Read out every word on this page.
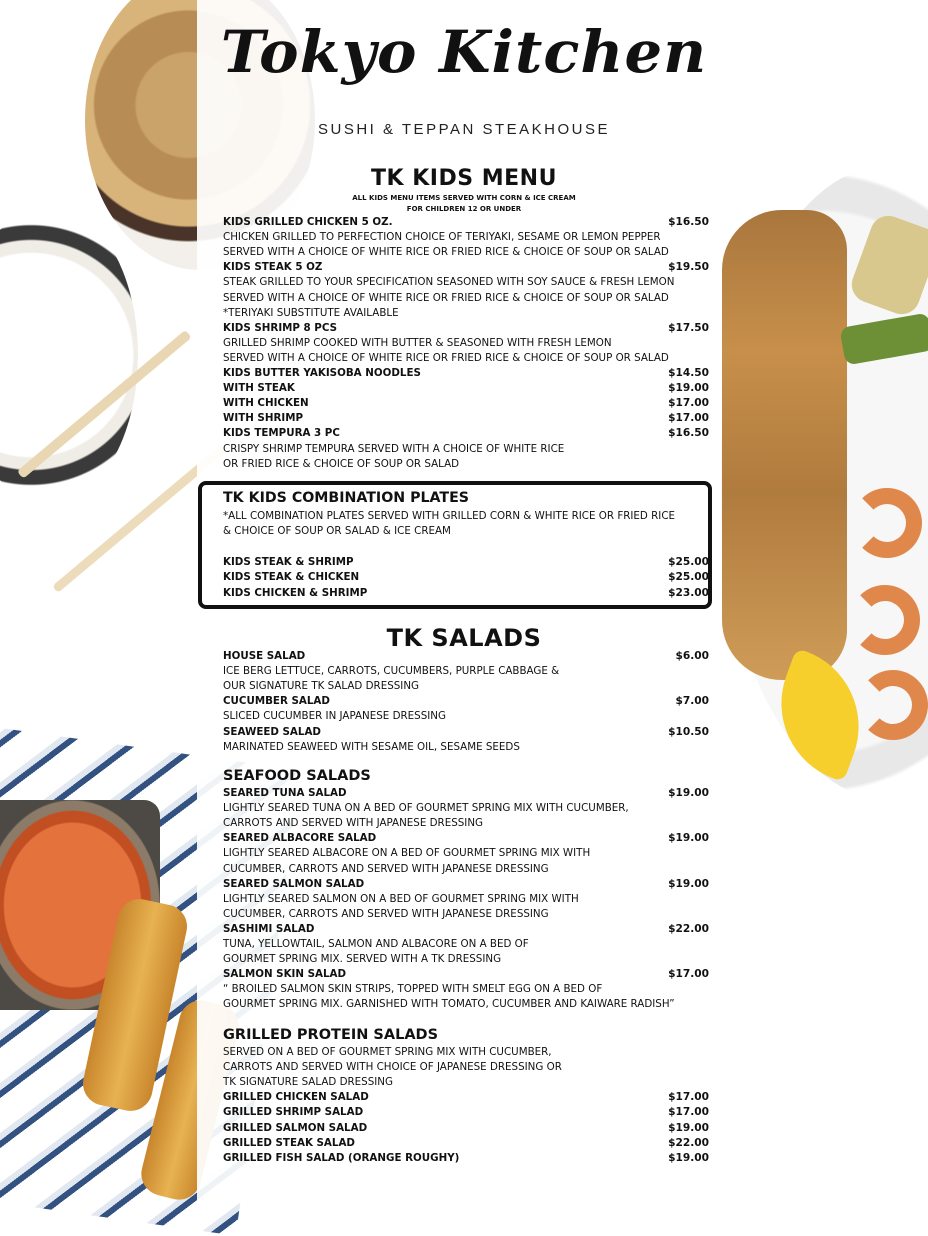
Tokyo Kitchen
SUSHI & TEPPAN STEAKHOUSE
TK KIDS MENU
ALL KIDS MENU ITEMS SERVED WITH CORN & ICE CREAM
FOR CHILDREN 12 OR UNDER
KIDS GRILLED CHICKEN 5 OZ.	$16.50
CHICKEN GRILLED TO PERFECTION CHOICE OF TERIYAKI, SESAME OR LEMON PEPPER
SERVED WITH A CHOICE OF WHITE RICE OR FRIED RICE & CHOICE OF SOUP OR SALAD
KIDS STEAK 5 OZ	$19.50
STEAK GRILLED TO YOUR SPECIFICATION SEASONED WITH SOY SAUCE & FRESH LEMON
SERVED WITH A CHOICE OF WHITE RICE OR FRIED RICE & CHOICE OF SOUP OR SALAD
*TERIYAKI SUBSTITUTE AVAILABLE
KIDS SHRIMP 8 PCS	$17.50
GRILLED SHRIMP COOKED WITH BUTTER & SEASONED WITH FRESH LEMON
SERVED WITH A CHOICE OF WHITE RICE OR FRIED RICE & CHOICE OF SOUP OR SALAD
KIDS BUTTER YAKISOBA NOODLES	$14.50
WITH STEAK	$19.00
WITH CHICKEN	$17.00
WITH SHRIMP	$17.00
KIDS TEMPURA 3 PC	$16.50
CRISPY SHRIMP TEMPURA SERVED WITH A CHOICE OF WHITE RICE
OR FRIED RICE & CHOICE OF SOUP OR SALAD
TK KIDS COMBINATION PLATES
*ALL COMBINATION PLATES SERVED WITH GRILLED CORN & WHITE RICE OR FRIED RICE
& CHOICE OF SOUP OR SALAD & ICE CREAM
KIDS STEAK & SHRIMP	$25.00
KIDS STEAK & CHICKEN	$25.00
KIDS CHICKEN & SHRIMP	$23.00
TK SALADS
HOUSE SALAD	$6.00
ICE BERG LETTUCE, CARROTS, CUCUMBERS, PURPLE CABBAGE &
OUR SIGNATURE TK SALAD DRESSING
CUCUMBER SALAD	$7.00
SLICED CUCUMBER IN JAPANESE DRESSING
SEAWEED SALAD	$10.50
MARINATED SEAWEED WITH SESAME OIL, SESAME SEEDS
SEAFOOD SALADS
SEARED TUNA SALAD	$19.00
LIGHTLY SEARED TUNA ON A BED OF GOURMET SPRING MIX WITH CUCUMBER,
CARROTS AND SERVED WITH JAPANESE DRESSING
SEARED ALBACORE SALAD	$19.00
LIGHTLY SEARED ALBACORE ON A BED OF GOURMET SPRING MIX WITH
CUCUMBER, CARROTS AND SERVED WITH JAPANESE DRESSING
SEARED SALMON SALAD	$19.00
LIGHTLY SEARED SALMON ON A BED OF GOURMET SPRING MIX WITH
CUCUMBER, CARROTS AND SERVED WITH JAPANESE DRESSING
SASHIMI SALAD	$22.00
TUNA, YELLOWTAIL, SALMON AND ALBACORE ON A BED OF
GOURMET SPRING MIX. SERVED WITH A TK DRESSING
SALMON SKIN SALAD	$17.00
“ BROILED SALMON SKIN STRIPS, TOPPED WITH SMELT EGG ON A BED OF
GOURMET SPRING MIX. GARNISHED WITH TOMATO, CUCUMBER AND KAIWARE RADISH”
GRILLED PROTEIN SALADS
SERVED ON A BED OF GOURMET SPRING MIX WITH CUCUMBER,
CARROTS AND SERVED WITH CHOICE OF JAPANESE DRESSING OR
TK SIGNATURE SALAD DRESSING
GRILLED CHICKEN SALAD	$17.00
GRILLED SHRIMP SALAD	$17.00
GRILLED SALMON SALAD	$19.00
GRILLED STEAK SALAD	$22.00
GRILLED FISH SALAD (ORANGE ROUGHY)	$19.00
